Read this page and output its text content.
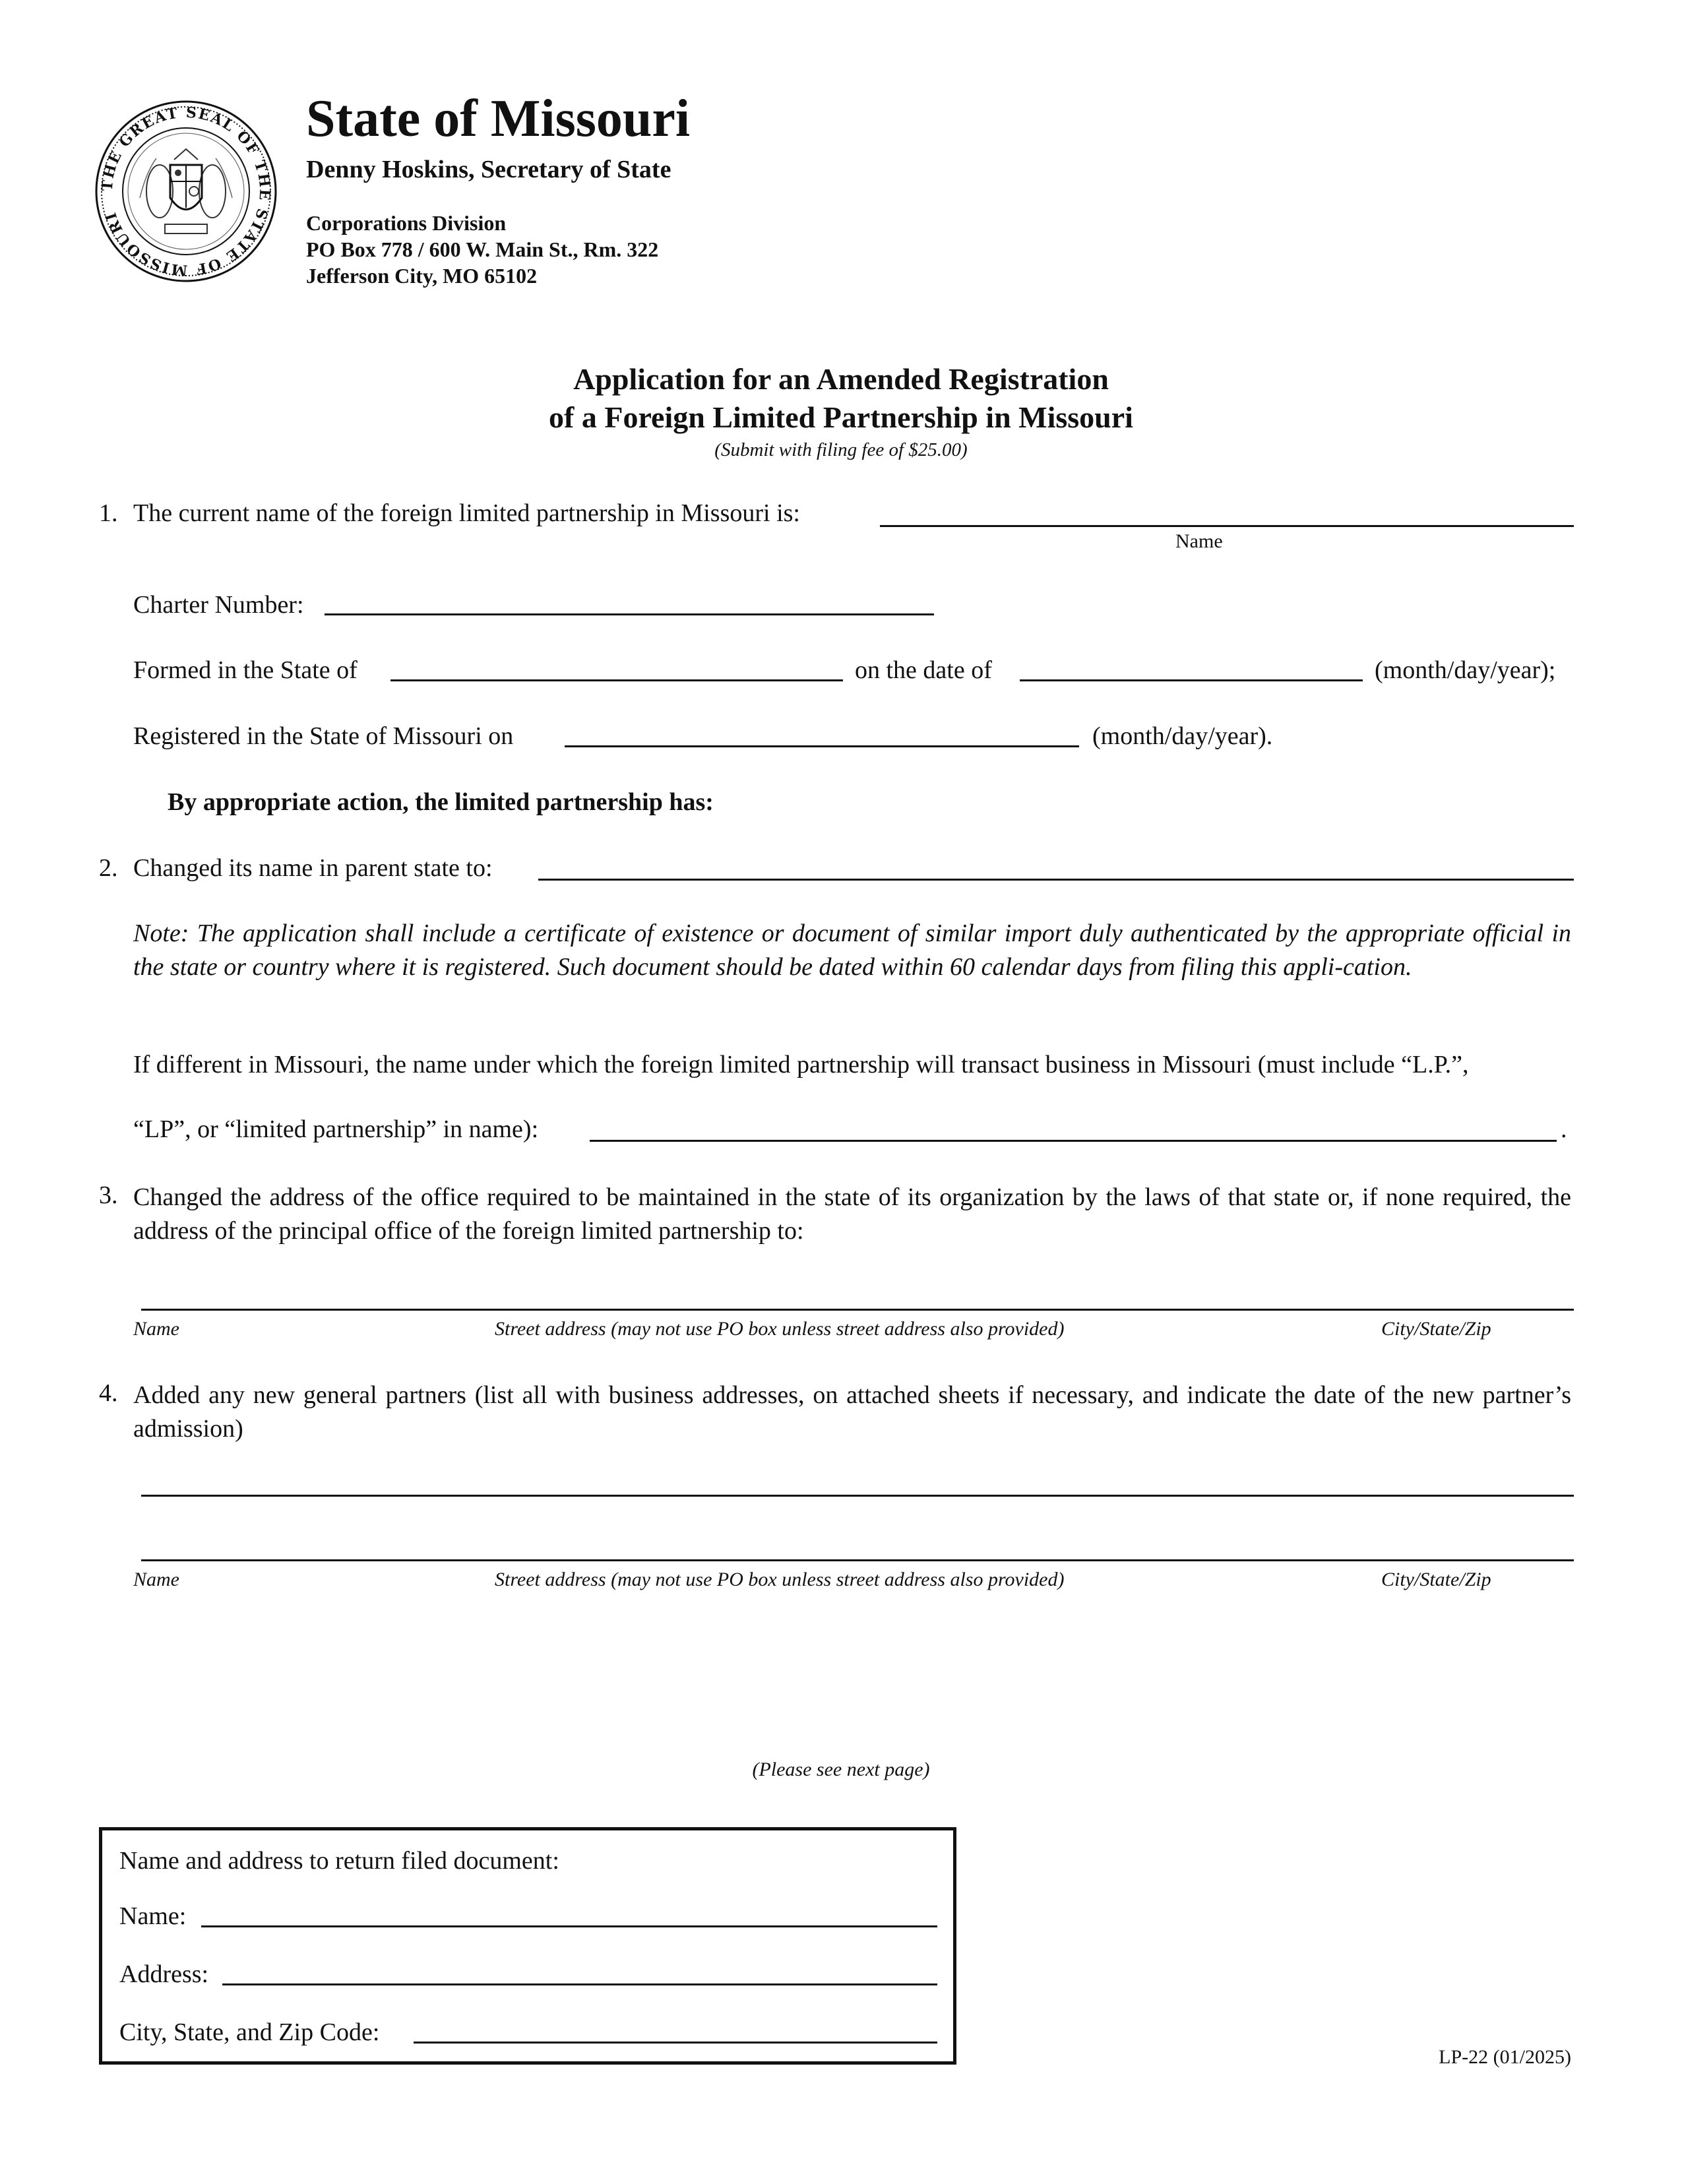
THE GREAT SEAL OF THE STATE OF MISSOURI
State of Missouri
Denny Hoskins, Secretary of State
Corporations Division
PO Box 778 / 600 W. Main St., Rm. 322
Jefferson City, MO 65102
Application for an Amended Registration
of a Foreign Limited Partnership in Missouri
(Submit with filing fee of $25.00)
1. The current name of the foreign limited partnership in Missouri is:
Name
Charter Number:
Formed in the State of	on the date of	(month/day/year);
Registered in the State of Missouri on	(month/day/year).
By appropriate action, the limited partnership has:
2. Changed its name in parent state to:
Note: The application shall include a certificate of existence or document of similar import duly authenticated by the appropriate official in the state or country where it is registered. Such document should be dated within 60 calendar days from filing this appli-cation.
If different in Missouri, the name under which the foreign limited partnership will transact business in Missouri (must include “L.P.”,
“LP”, or “limited partnership” in name):	.
3. Changed the address of the office required to be maintained in the state of its organization by the laws of that state or, if none required, the address of the principal office of the foreign limited partnership to:
Name	Street address (may not use PO box unless street address also provided)	City/State/Zip
4. Added any new general partners (list all with business addresses, on attached sheets if necessary, and indicate the date of the new partner’s admission)
Name	Street address (may not use PO box unless street address also provided)	City/State/Zip
(Please see next page)
Name and address to return filed document:
Name:
Address:
City, State, and Zip Code:
LP-22 (01/2025)
